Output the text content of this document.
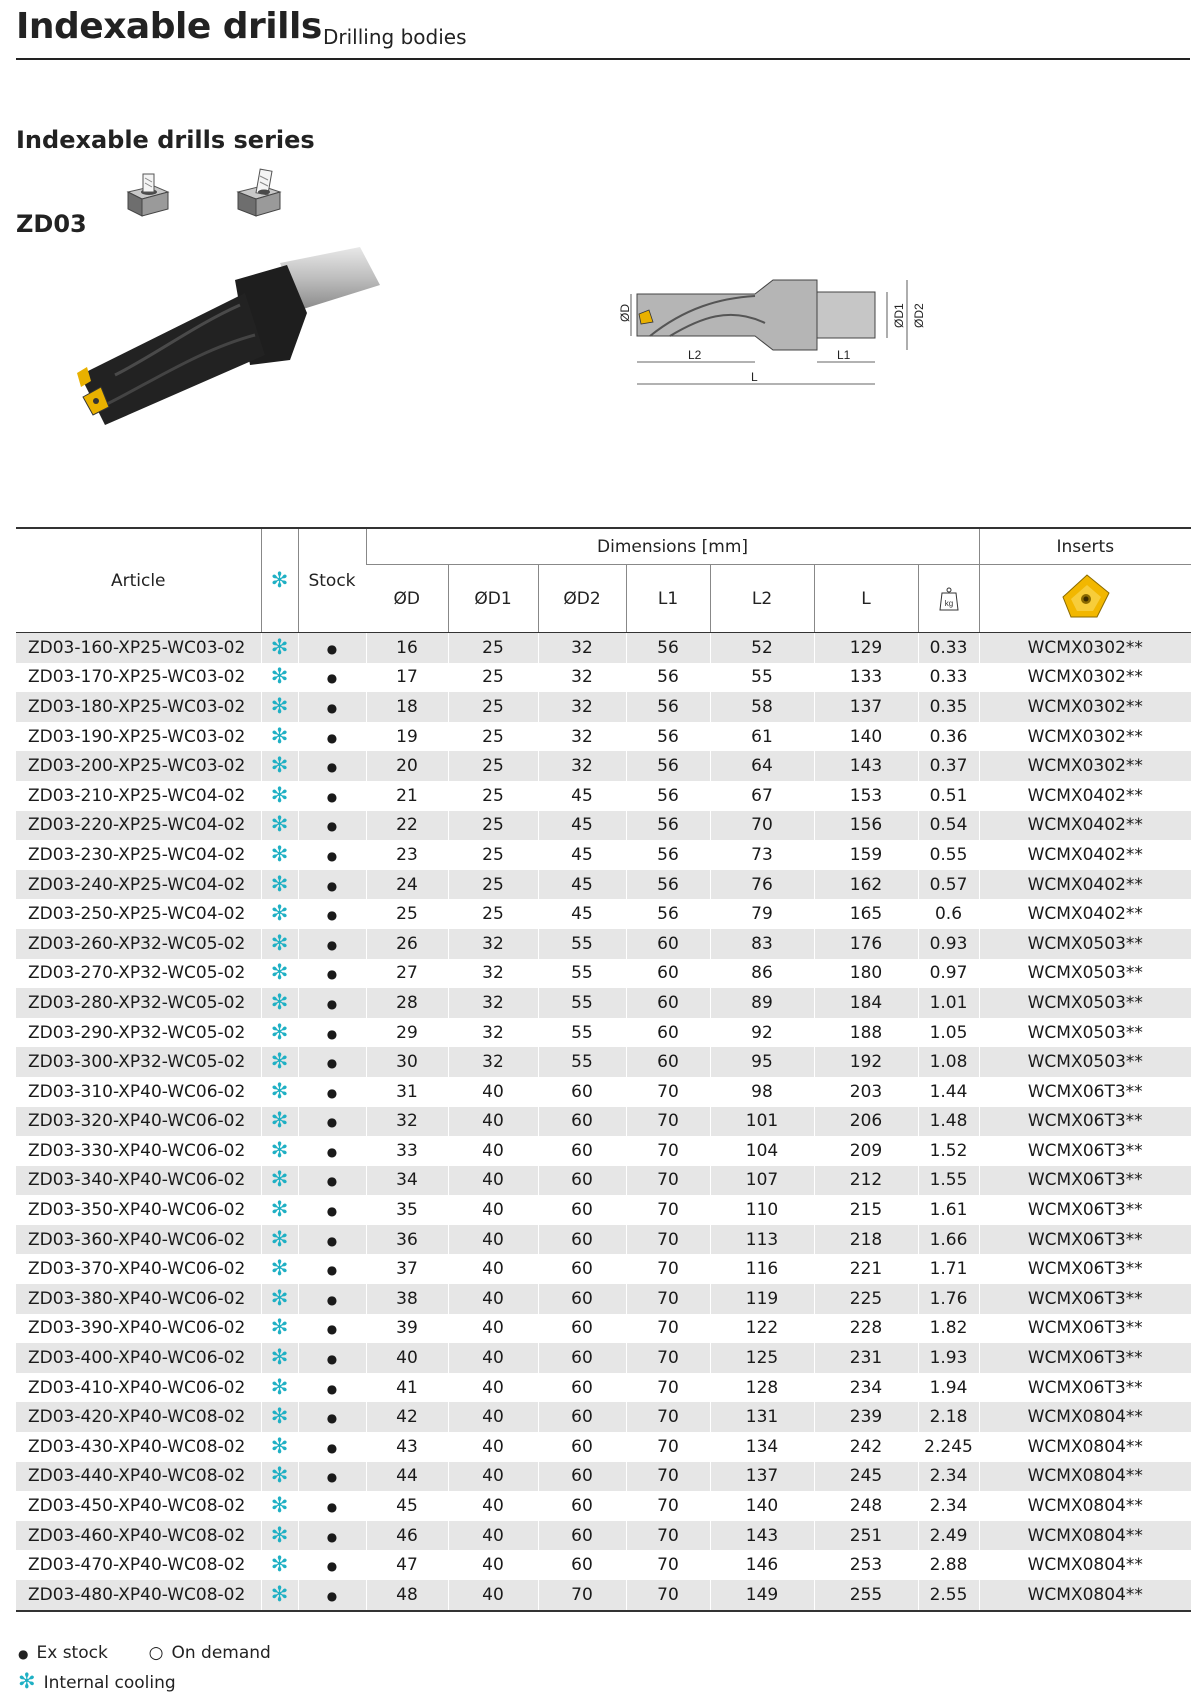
Indexable drills Drilling bodies
Indexable drills series
ZD03
ØD	ØD1 ØD2
L2	L1
L
Article	✻	Stock	Dimensions [mm]							Inserts
			ØD	ØD1	ØD2	L1	L2	L	kg

ZD03-160-XP25-WC03-02	✻	●	16	25	32	56	52	129	0.33	WCMX0302**
ZD03-170-XP25-WC03-02	✻	●	17	25	32	56	55	133	0.33	WCMX0302**
ZD03-180-XP25-WC03-02	✻	●	18	25	32	56	58	137	0.35	WCMX0302**
ZD03-190-XP25-WC03-02	✻	●	19	25	32	56	61	140	0.36	WCMX0302**
ZD03-200-XP25-WC03-02	✻	●	20	25	32	56	64	143	0.37	WCMX0302**
ZD03-210-XP25-WC04-02	✻	●	21	25	45	56	67	153	0.51	WCMX0402**
ZD03-220-XP25-WC04-02	✻	●	22	25	45	56	70	156	0.54	WCMX0402**
ZD03-230-XP25-WC04-02	✻	●	23	25	45	56	73	159	0.55	WCMX0402**
ZD03-240-XP25-WC04-02	✻	●	24	25	45	56	76	162	0.57	WCMX0402**
ZD03-250-XP25-WC04-02	✻	●	25	25	45	56	79	165	0.6	WCMX0402**
ZD03-260-XP32-WC05-02	✻	●	26	32	55	60	83	176	0.93	WCMX0503**
ZD03-270-XP32-WC05-02	✻	●	27	32	55	60	86	180	0.97	WCMX0503**
ZD03-280-XP32-WC05-02	✻	●	28	32	55	60	89	184	1.01	WCMX0503**
ZD03-290-XP32-WC05-02	✻	●	29	32	55	60	92	188	1.05	WCMX0503**
ZD03-300-XP32-WC05-02	✻	●	30	32	55	60	95	192	1.08	WCMX0503**
ZD03-310-XP40-WC06-02	✻	●	31	40	60	70	98	203	1.44	WCMX06T3**
ZD03-320-XP40-WC06-02	✻	●	32	40	60	70	101	206	1.48	WCMX06T3**
ZD03-330-XP40-WC06-02	✻	●	33	40	60	70	104	209	1.52	WCMX06T3**
ZD03-340-XP40-WC06-02	✻	●	34	40	60	70	107	212	1.55	WCMX06T3**
ZD03-350-XP40-WC06-02	✻	●	35	40	60	70	110	215	1.61	WCMX06T3**
ZD03-360-XP40-WC06-02	✻	●	36	40	60	70	113	218	1.66	WCMX06T3**
ZD03-370-XP40-WC06-02	✻	●	37	40	60	70	116	221	1.71	WCMX06T3**
ZD03-380-XP40-WC06-02	✻	●	38	40	60	70	119	225	1.76	WCMX06T3**
ZD03-390-XP40-WC06-02	✻	●	39	40	60	70	122	228	1.82	WCMX06T3**
ZD03-400-XP40-WC06-02	✻	●	40	40	60	70	125	231	1.93	WCMX06T3**
ZD03-410-XP40-WC06-02	✻	●	41	40	60	70	128	234	1.94	WCMX06T3**
ZD03-420-XP40-WC08-02	✻	●	42	40	60	70	131	239	2.18	WCMX0804**
ZD03-430-XP40-WC08-02	✻	●	43	40	60	70	134	242	2.245	WCMX0804**
ZD03-440-XP40-WC08-02	✻	●	44	40	60	70	137	245	2.34	WCMX0804**
ZD03-450-XP40-WC08-02	✻	●	45	40	60	70	140	248	2.34	WCMX0804**
ZD03-460-XP40-WC08-02	✻	●	46	40	60	70	143	251	2.49	WCMX0804**
ZD03-470-XP40-WC08-02	✻	●	47	40	60	70	146	253	2.88	WCMX0804**
ZD03-480-XP40-WC08-02	✻	●	48	40	70	70	149	255	2.55	WCMX0804**
● Ex stock ○ On demand
✻ Internal cooling
